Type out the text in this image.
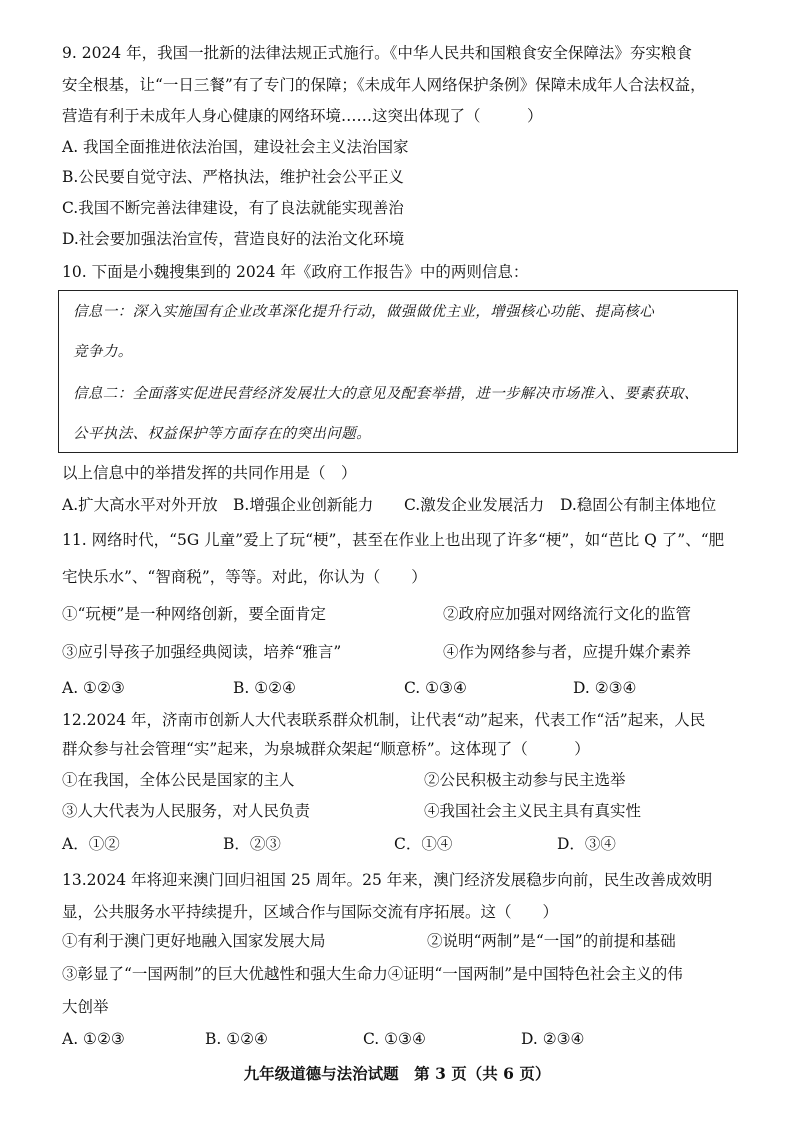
9. 2024 年，我国一批新的法律法规正式施行。《中华人民共和国粮食安全保障法》夯实粮食
安全根基，让“一日三餐”有了专门的保障；《未成年人网络保护条例》保障未成年人合法权益，
营造有利于未成年人身心健康的网络环境……这突出体现了（　　　）
A. 我国全面推进依法治国，建设社会主义法治国家
B.公民要自觉守法、严格执法，维护社会公平正义
C.我国不断完善法律建设，有了良法就能实现善治
D.社会要加强法治宣传，营造良好的法治文化环境
10. 下面是小魏搜集到的 2024 年《政府工作报告》中的两则信息：
信息一：深入实施国有企业改革深化提升行动，做强做优主业，增强核心功能、提高核心
竞争力。
信息二：全面落实促进民营经济发展壮大的意见及配套举措，进一步解决市场准入、要素获取、
公平执法、权益保护等方面存在的突出问题。
以上信息中的举措发挥的共同作用是（　）
A.扩大高水平对外开放 B.增强企业创新能力 C.激发企业发展活力 D.稳固公有制主体地位
11. 网络时代，“5G 儿童”爱上了玩“梗”，甚至在作业上也出现了许多“梗”，如“芭比 Q 了”、“肥
宅快乐水”、“智商税”，等等。对此，你认为（　　）
①“玩梗”是一种网络创新，要全面肯定	②政府应加强对网络流行文化的监管
③应引导孩子加强经典阅读，培养“雅言”	④作为网络参与者，应提升媒介素养
A. ①②③	B. ①②④	C. ①③④	D. ②③④
12.2024 年，济南市创新人大代表联系群众机制，让代表“动”起来，代表工作“活”起来，人民
群众参与社会管理“实”起来，为泉城群众架起“顺意桥”。这体现了（　　　）
①在我国，全体公民是国家的主人	②公民积极主动参与民主选举
③人大代表为人民服务，对人民负责	④我国社会主义民主具有真实性
A．①②	B．②③	C．①④	D．③④
13.2024 年将迎来澳门回归祖国 25 周年。25 年来，澳门经济发展稳步向前，民生改善成效明
显，公共服务水平持续提升，区域合作与国际交流有序拓展。这（　　）
①有利于澳门更好地融入国家发展大局	②说明“两制”是“一国”的前提和基础
③彰显了“一国两制”的巨大优越性和强大生命力④证明“一国两制”是中国特色社会主义的伟
大创举
A. ①②③	B. ①②④	C. ①③④	D. ②③④
九年级道德与法治试题　第 3 页（共 6 页）
